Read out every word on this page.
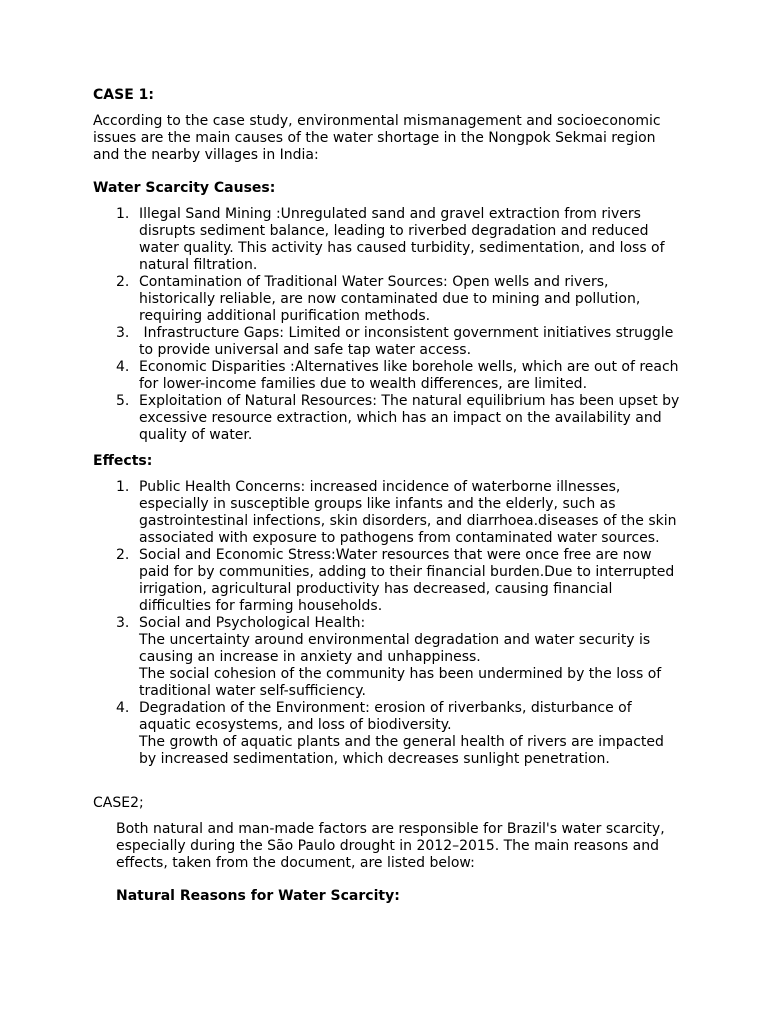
CASE 1:

According to the case study, environmental mismanagement and socioeconomic issues are the main causes of the water shortage in the Nongpok Sekmai region and the nearby villages in India:

Water Scarcity Causes:

1. Illegal Sand Mining :Unregulated sand and gravel extraction from rivers disrupts sediment balance, leading to riverbed degradation and reduced water quality. This activity has caused turbidity, sedimentation, and loss of natural filtration.
2. Contamination of Traditional Water Sources: Open wells and rivers, historically reliable, are now contaminated due to mining and pollution, requiring additional purification methods.
3. Infrastructure Gaps: Limited or inconsistent government initiatives struggle to provide universal and safe tap water access.
4. Economic Disparities :Alternatives like borehole wells, which are out of reach for lower-income families due to wealth differences, are limited.
5. Exploitation of Natural Resources: The natural equilibrium has been upset by excessive resource extraction, which has an impact on the availability and quality of water.

Effects:

1. Public Health Concerns: increased incidence of waterborne illnesses, especially in susceptible groups like infants and the elderly, such as gastrointestinal infections, skin disorders, and diarrhoea.diseases of the skin associated with exposure to pathogens from contaminated water sources.
2. Social and Economic Stress:Water resources that were once free are now paid for by communities, adding to their financial burden.Due to interrupted irrigation, agricultural productivity has decreased, causing financial difficulties for farming households.
3. Social and Psychological Health:
The uncertainty around environmental degradation and water security is causing an increase in anxiety and unhappiness.
The social cohesion of the community has been undermined by the loss of traditional water self-sufficiency.
4. Degradation of the Environment: erosion of riverbanks, disturbance of aquatic ecosystems, and loss of biodiversity.
The growth of aquatic plants and the general health of rivers are impacted by increased sedimentation, which decreases sunlight penetration.

CASE2;

Both natural and man-made factors are responsible for Brazil's water scarcity, especially during the São Paulo drought in 2012–2015. The main reasons and effects, taken from the document, are listed below:

Natural Reasons for Water Scarcity:
